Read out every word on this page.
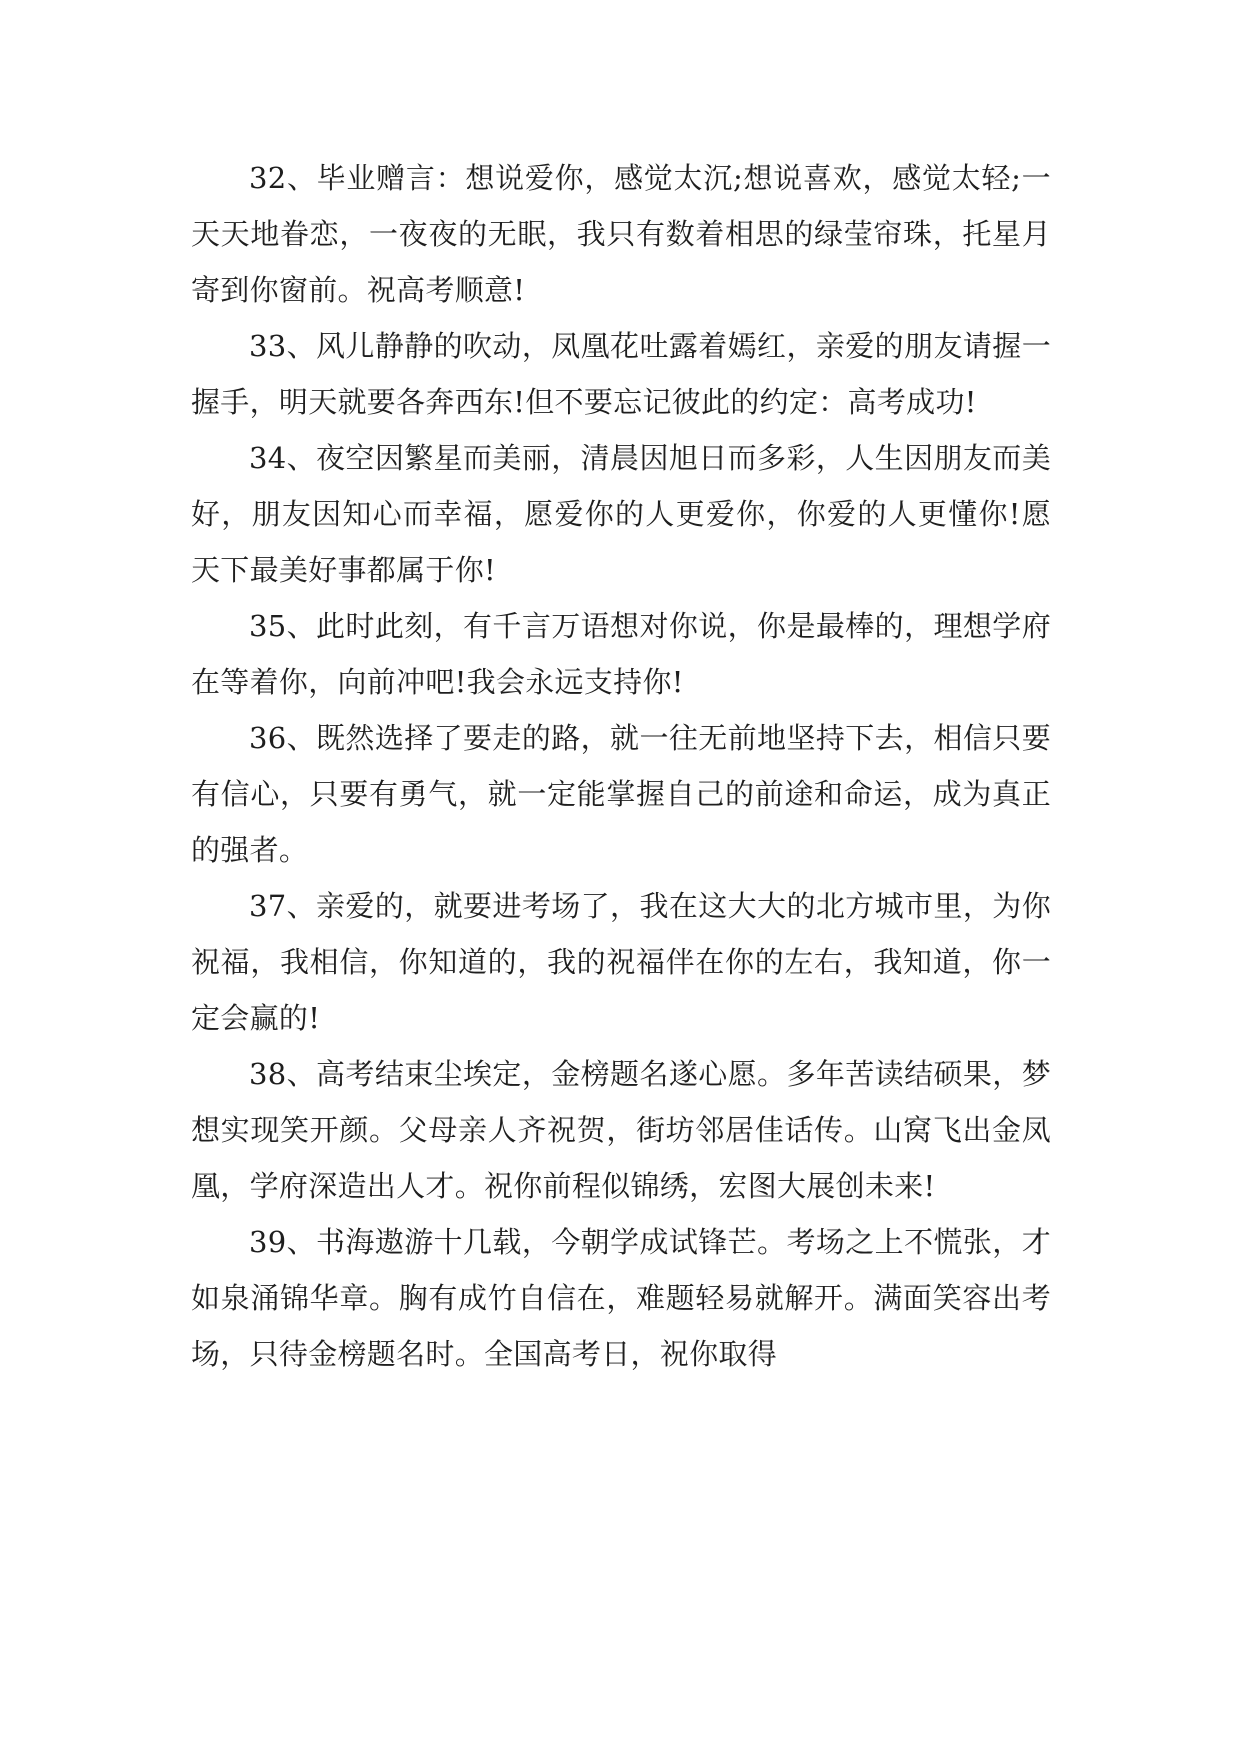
32、毕业赠言：想说爱你，感觉太沉;想说喜欢，感觉太轻;一天天地眷恋，一夜夜的无眠，我只有数着相思的绿莹帘珠，托星月寄到你窗前。祝高考顺意!

33、风儿静静的吹动，凤凰花吐露着嫣红，亲爱的朋友请握一握手，明天就要各奔西东!但不要忘记彼此的约定：高考成功!

34、夜空因繁星而美丽，清晨因旭日而多彩，人生因朋友而美好，朋友因知心而幸福，愿爱你的人更爱你，你爱的人更懂你!愿天下最美好事都属于你!

35、此时此刻，有千言万语想对你说，你是最棒的，理想学府在等着你，向前冲吧!我会永远支持你!

36、既然选择了要走的路，就一往无前地坚持下去，相信只要有信心，只要有勇气，就一定能掌握自己的前途和命运，成为真正的强者。

37、亲爱的，就要进考场了，我在这大大的北方城市里，为你祝福，我相信，你知道的，我的祝福伴在你的左右，我知道，你一定会赢的!

38、高考结束尘埃定，金榜题名遂心愿。多年苦读结硕果，梦想实现笑开颜。父母亲人齐祝贺，街坊邻居佳话传。山窝飞出金凤凰，学府深造出人才。祝你前程似锦绣，宏图大展创未来!

39、书海遨游十几载，今朝学成试锋芒。考场之上不慌张，才如泉涌锦华章。胸有成竹自信在，难题轻易就解开。满面笑容出考场，只待金榜题名时。全国高考日，祝你取得
